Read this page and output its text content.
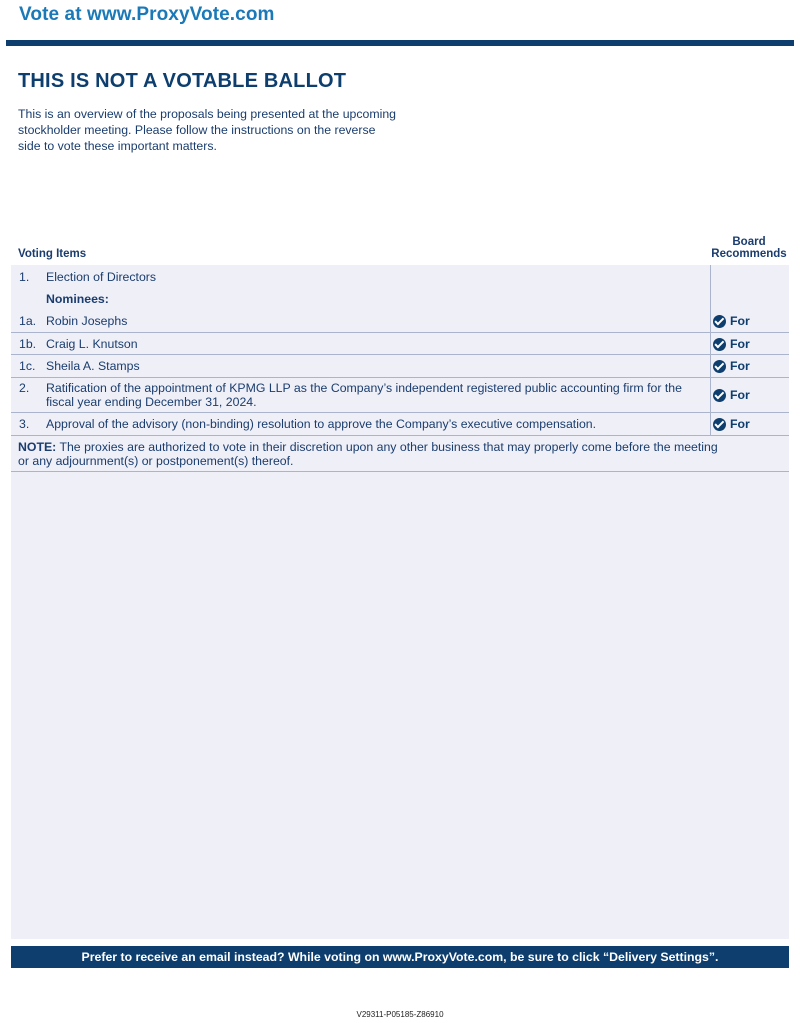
Vote at www.ProxyVote.com
THIS IS NOT A VOTABLE BALLOT
This is an overview of the proposals being presented at the upcoming stockholder meeting. Please follow the instructions on the reverse side to vote these important matters.
Voting Items
Board Recommends
1. Election of Directors
Nominees:
1a. Robin Josephs	For
1b. Craig L. Knutson	For
1c. Sheila A. Stamps	For
2. Ratification of the appointment of KPMG LLP as the Company’s independent registered public accounting firm for the fiscal year ending December 31, 2024.	For
3. Approval of the advisory (non-binding) resolution to approve the Company’s executive compensation.	For
NOTE: The proxies are authorized to vote in their discretion upon any other business that may properly come before the meeting or any adjournment(s) or postponement(s) thereof.
Prefer to receive an email instead? While voting on www.ProxyVote.com, be sure to click “Delivery Settings”.
V29311-P05185-Z86910
